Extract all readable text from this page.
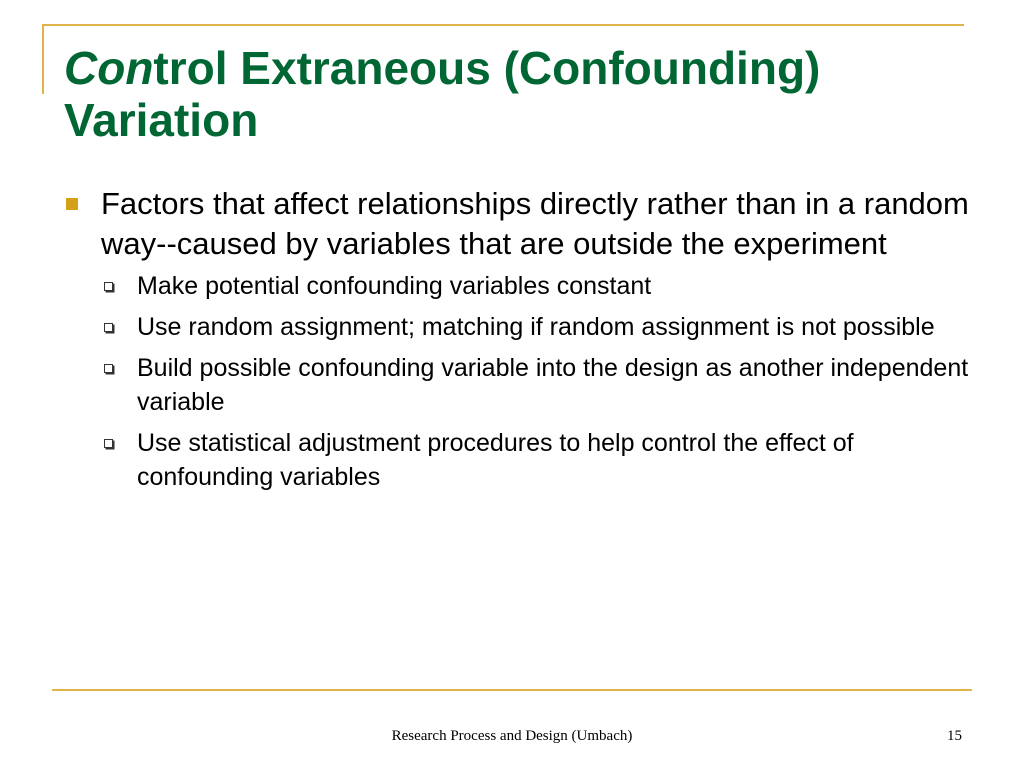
Control Extraneous (Confounding)
Variation
Factors that affect relationships directly rather than in a random way--caused by variables that are outside the experiment
Make potential confounding variables constant
Use random assignment; matching if random assignment is not possible
Build possible confounding variable into the design as another independent variable
Use statistical adjustment procedures to help control the effect of confounding variables
Research Process and Design (Umbach)	15
